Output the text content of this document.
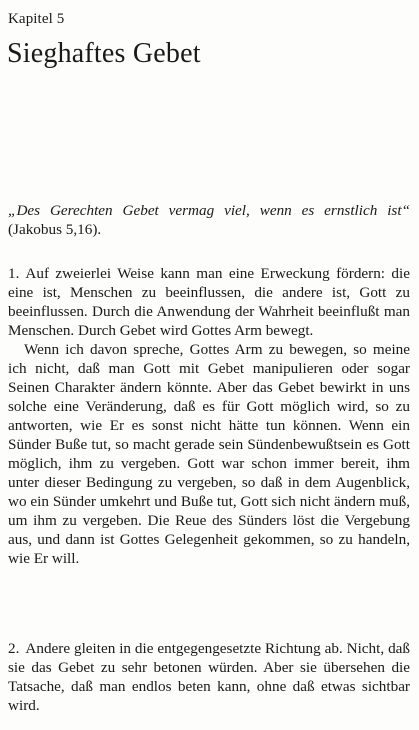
Kapitel 5
Sieghaftes Gebet
„Des Gerechten Gebet vermag viel, wenn es ernstlich ist“ (Jakobus 5,16).

1. Auf zweierlei Weise kann man eine Erweckung fördern: die eine ist, Menschen zu beeinflussen, die andere ist, Gott zu beeinflussen. Durch die Anwendung der Wahrheit beeinflußt man Menschen. Durch Gebet wird Gottes Arm bewegt.

Wenn ich davon spreche, Gottes Arm zu bewegen, so meine ich nicht, daß man Gott mit Gebet manipulieren oder sogar Seinen Charakter ändern könnte. Aber das Gebet bewirkt in uns solche eine Veränderung, daß es für Gott möglich wird, so zu antworten, wie Er es sonst nicht hätte tun können. Wenn ein Sünder Buße tut, so macht gerade sein Sündenbewußtsein es Gott möglich, ihm zu vergeben. Gott war schon immer bereit, ihm unter dieser Bedingung zu vergeben, so daß in dem Augenblick, wo ein Sünder umkehrt und Buße tut, Gott sich nicht ändern muß, um ihm zu vergeben. Die Reue des Sünders löst die Vergebung aus, und dann ist Gottes Gelegenheit gekommen, so zu handeln, wie Er will.

2. Andere gleiten in die entgegengesetzte Richtung ab. Nicht, daß sie das Gebet zu sehr betonen würden. Aber sie übersehen die Tatsache, daß man endlos beten kann, ohne daß etwas sichtbar wird.
